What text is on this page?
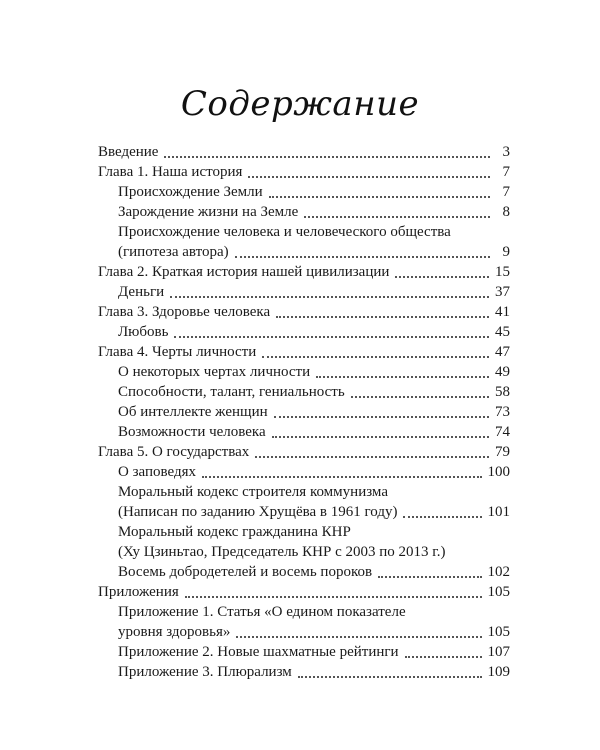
Содержание
Введение	3
Глава 1. Наша история	7
Происхождение Земли	7
Зарождение жизни на Земле	8
Происхождение человека и человеческого общества
(гипотеза автора)	9
Глава 2. Краткая история нашей цивилизации	15
Деньги	37
Глава 3. Здоровье человека	41
Любовь	45
Глава 4. Черты личности	47
О некоторых чертах личности	49
Способности, талант, гениальность	58
Об интеллекте женщин	73
Возможности человека	74
Глава 5. О государствах	79
О заповедях	100
Моральный кодекс строителя коммунизма
(Написан по заданию Хрущёва в 1961 году)	101
Моральный кодекс гражданина КНР
(Ху Цзиньтао, Председатель КНР с 2003 по 2013 г.)
Восемь добродетелей и восемь пороков	102
Приложения	105
Приложение 1. Статья «О едином показателе
уровня здоровья»	105
Приложение 2. Новые шахматные рейтинги	107
Приложение 3. Плюрализм	109
